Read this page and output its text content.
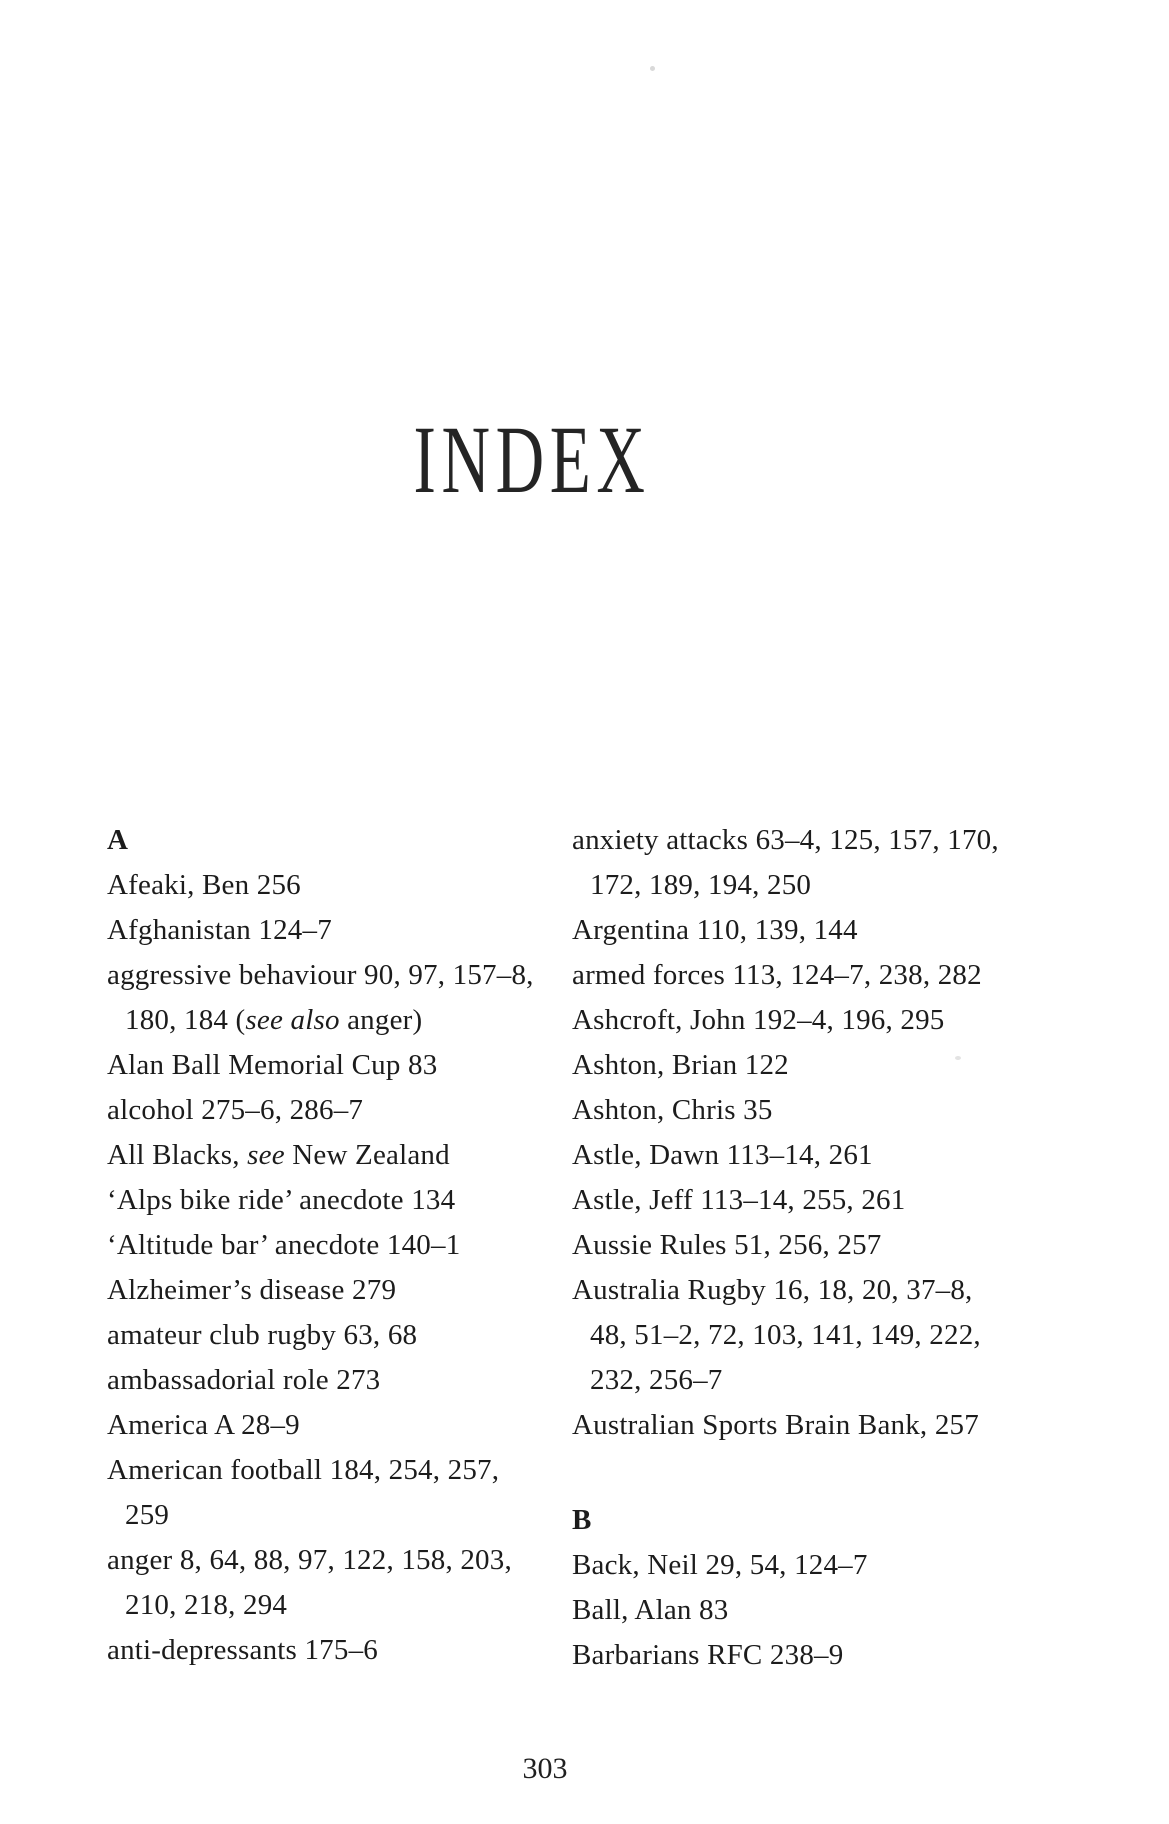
INDEX
A
Afeaki, Ben 256
Afghanistan 124–7
aggressive behaviour 90, 97, 157–8,
180, 184 (see also anger)
Alan Ball Memorial Cup 83
alcohol 275–6, 286–7
All Blacks, see New Zealand
‘Alps bike ride’ anecdote 134
‘Altitude bar’ anecdote 140–1
Alzheimer’s disease 279
amateur club rugby 63, 68
ambassadorial role 273
America A 28–9
American football 184, 254, 257,
259
anger 8, 64, 88, 97, 122, 158, 203,
210, 218, 294
anti-depressants 175–6
anxiety attacks 63–4, 125, 157, 170,
172, 189, 194, 250
Argentina 110, 139, 144
armed forces 113, 124–7, 238, 282
Ashcroft, John 192–4, 196, 295
Ashton, Brian 122
Ashton, Chris 35
Astle, Dawn 113–14, 261
Astle, Jeff 113–14, 255, 261
Aussie Rules 51, 256, 257
Australia Rugby 16, 18, 20, 37–8,
48, 51–2, 72, 103, 141, 149, 222,
232, 256–7
Australian Sports Brain Bank, 257
B
Back, Neil 29, 54, 124–7
Ball, Alan 83
Barbarians RFC 238–9
303
